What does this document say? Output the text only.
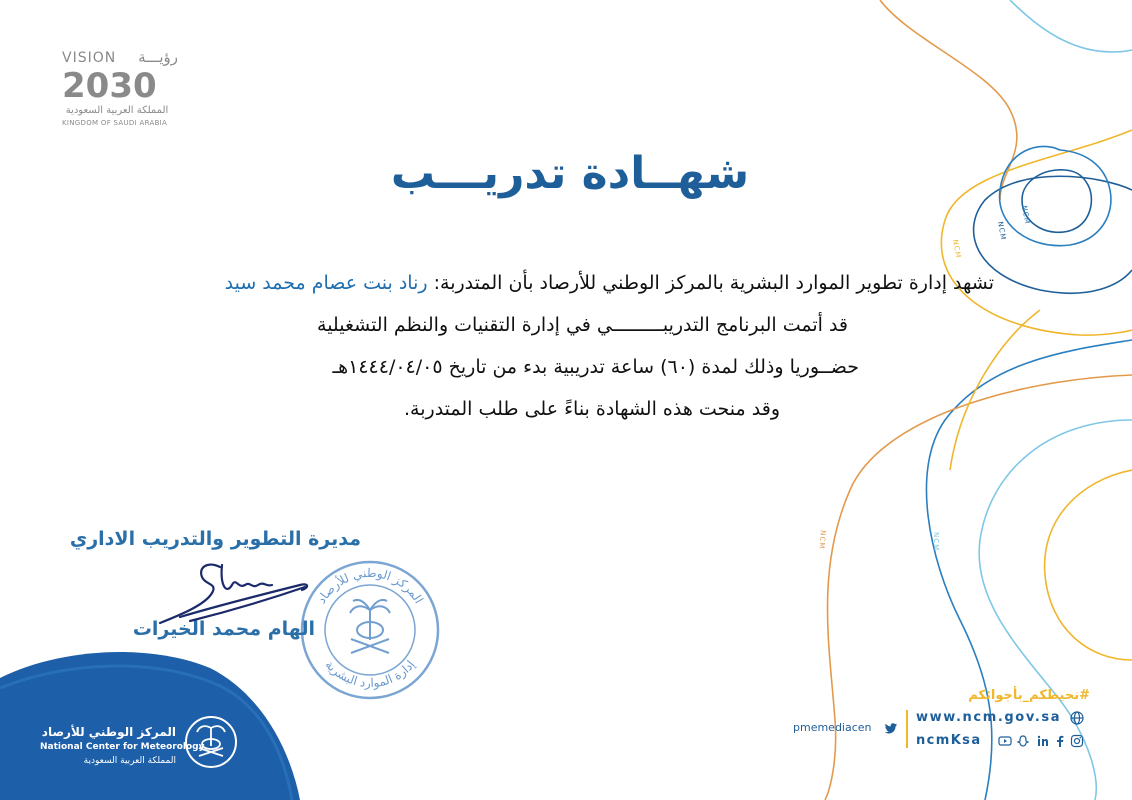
NCM
NCM
NCM
NCM
NCM
VISION رؤيـــة
2030
المملكة العربية السعودية
KINGDOM OF SAUDI ARABIA
شهــادة تدريـــب
تشهد إدارة تطوير الموارد البشرية بالمركز الوطني للأرصاد بأن المتدربة: رناد بنت عصام محمد سيد
قد أتمت البرنامج التدريبـــــــــي في إدارة التقنيات والنظم التشغيلية
حضــوريا وذلك لمدة (٦٠) ساعة تدريبية بدء من تاريخ ١٤٤٤/٠٤/٠٥هـ
وقد منحت هذه الشهادة بناءً على طلب المتدربة.
مديرة التطوير والتدريب الاداري
المركز الوطني للأرصاد
إدارة الموارد البشرية
الهام محمد الخيرات
المركز الوطني للأرصاد
National Center for Meteorology
المملكة العربية السعودية
#نحيطكم_بأجوائكم
www.ncm.gov.sa
ncmKsa
pmemediacen
